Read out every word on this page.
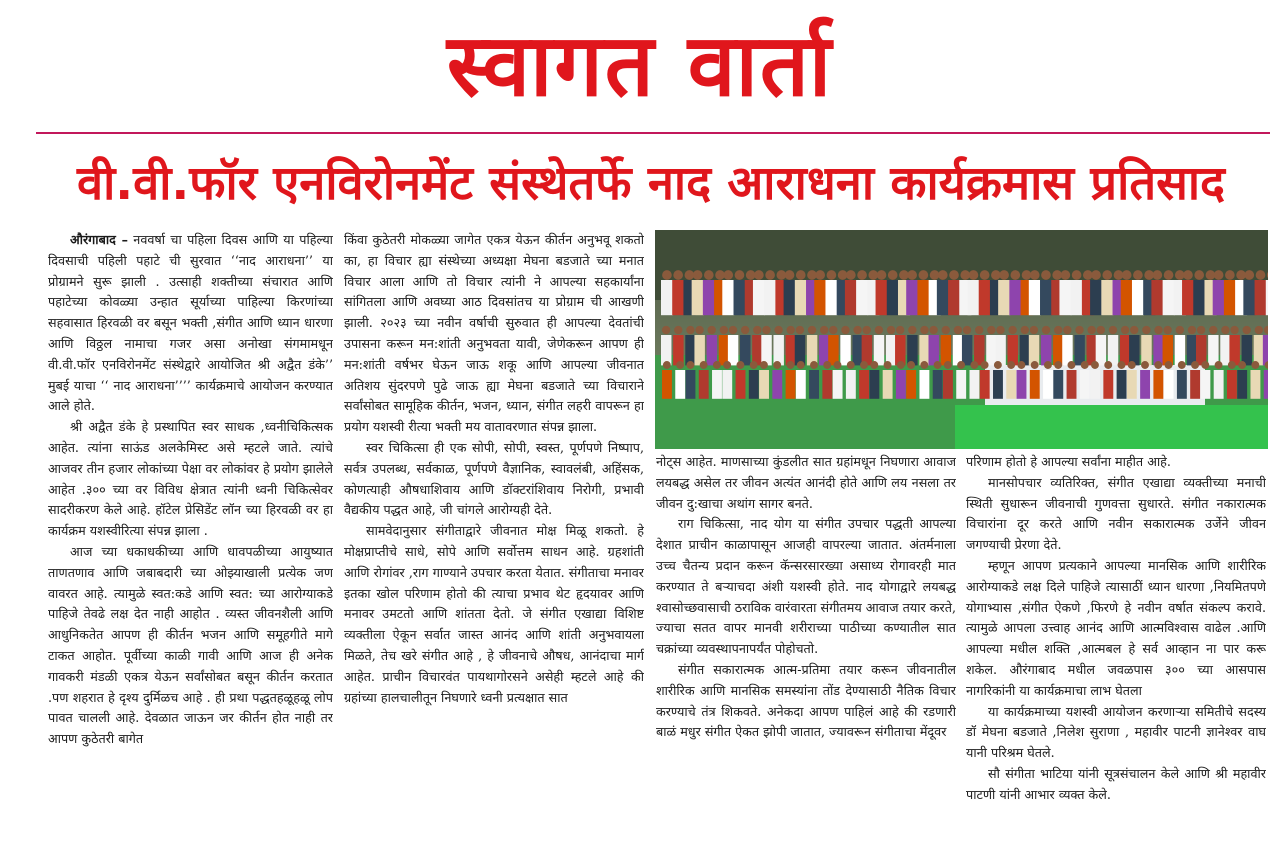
स्वागत वार्ता
वी.वी.फॉर एनविरोनमेंट संस्थेतर्फे नाद आराधना कार्यक्रमास प्रतिसाद

औरंगाबाद – नववर्षा चा पहिला दिवस आणि या पहिल्या दिवसाची पहिली पहाटे ची सुरवात ‘‘नाद आराधना’’ या प्रोग्रामने सुरू झाली . उत्साही शक्तीच्या संचारात आणि पहाटेच्या कोवळ्या उन्हात सूर्याच्या पाहिल्या किरणांच्या सहवासात हिरवळी वर बसून भक्ती ,संगीत आणि ध्यान धारणा आणि विठ्ठल नामाचा गजर असा अनोखा संगमामधून वी.वी.फॉर एनविरोनमेंट संस्थेद्वारे आयोजित श्री अद्वैत डंके’’ मुबई याचा ‘‘ नाद आराधना’’’’ कार्यक्रमाचे आयोजन करण्यात आले होते.

श्री अद्वैत डंके हे प्रस्थापित स्वर साधक ,ध्वनीचिकित्सक आहेत. त्यांना साऊंड अलकेमिस्ट असे म्हटले जाते. त्यांचे आजवर तीन हजार लोकांच्या पेक्षा वर लोकांवर हे प्रयोग झालेले आहेत .३०० च्या वर विविध क्षेत्रात त्यांनी ध्वनी चिकित्सेवर सादरीकरण केले आहे. हॉटेल प्रेसिडेंट लॉन च्या हिरवळी वर हा कार्यक्रम यशस्वीरित्या संपन्न झाला .

आज च्या धकाधकीच्या आणि धावपळीच्या आयुष्यात ताणतणाव आणि जबाबदारी च्या ओझ्याखाली प्रत्येक जण वावरत आहे. त्यामुळे स्वत:कडे आणि स्वत: च्या आरोग्याकडे पाहिजे तेवढे लक्ष देत नाही आहोत . व्यस्त जीवनशैली आणि आधुनिकतेत आपण ही कीर्तन भजन आणि समूहगीते मागे टाकत आहोत. पूर्वीच्या काळी गावी आणि आज ही अनेक गावकरी मंडळी एकत्र येऊन सर्वांसोबत बसून कीर्तन करतात .पण शहरात हे दृश्य दुर्मिळच आहे . ही प्रथा पद्धतहळूहळू लोप पावत चालली आहे. देवळात जाऊन जर कीर्तन होत नाही तर आपण कुठेतरी बागेत

किंवा कुठेतरी मोकळ्या जागेत एकत्र येऊन कीर्तन अनुभवू शकतो का, हा विचार ह्या संस्थेच्या अध्यक्षा मेघना बडजाते च्या मनात विचार आला आणि तो विचार त्यांनी ने आपल्या सहकार्यांना सांगितला आणि अवघ्या आठ दिवसांतच या प्रोग्राम ची आखणी झाली. २०२३ च्या नवीन वर्षाची सुरुवात ही आपल्या देवतांची उपासना करून मन:शांती अनुभवता यावी, जेणेकरून आपण ही मन:शांती वर्षभर घेऊन जाऊ शकू आणि आपल्या जीवनात अतिशय सुंदरपणे पुढे जाऊ ह्या मेघना बडजाते च्या विचाराने सर्वांसोबत सामूहिक कीर्तन, भजन, ध्यान, संगीत लहरी वापरून हा प्रयोग यशस्वी रीत्या भक्ती मय वातावरणात संपन्न झाला.

स्वर चिकित्सा ही एक सोपी, सोपी, स्वस्त, पूर्णपणे निष्पाप, सर्वत्र उपलब्ध, सर्वकाळ, पूर्णपणे वैज्ञानिक, स्वावलंबी, अहिंसक, कोणत्याही औषधाशिवाय आणि डॉक्टरांशिवाय निरोगी, प्रभावी वैद्यकीय पद्धत आहे, जी चांगले आरोग्यही देते.

सामवेदानुसार संगीताद्वारे जीवनात मोक्ष मिळू शकतो. हे मोक्षप्राप्तीचे साधे, सोपे आणि सर्वोत्तम साधन आहे. ग्रहशांती आणि रोगांवर ,राग गाण्याने उपचार करता येतात. संगीताचा मनावर इतका खोल परिणाम होतो की त्याचा प्रभाव थेट हृदयावर आणि मनावर उमटतो आणि शांतता देतो. जे संगीत एखाद्या विशिष्ट व्यक्तीला ऐकून सर्वात जास्त आनंद आणि शांती अनुभवायला मिळते, तेच खरे संगीत आहे , हे जीवनाचे औषध, आनंदाचा मार्ग आहेत. प्राचीन विचारवंत पायथागोरसने असेही म्हटले आहे की ग्रहांच्या हालचालीतून निघणारे ध्वनी प्रत्यक्षात सात

नोट्स आहेत. माणसाच्या कुंडलीत सात ग्रहांमधून निघणारा आवाज लयबद्ध असेल तर जीवन अत्यंत आनंदी होते आणि लय नसला तर जीवन दु:खाचा अथांग सागर बनते.

राग चिकित्सा, नाद योग या संगीत उपचार पद्धती आपल्या देशात प्राचीन काळापासून आजही वापरल्या जातात. अंतर्मनाला उच्च चैतन्य प्रदान करून कॅन्सरसारख्या असाध्य रोगावरही मात करण्यात ते बर्‍याचदा अंशी यशस्वी होते. नाद योगाद्वारे लयबद्ध श्वासोच्छवासाची ठराविक वारंवारता संगीतमय आवाज तयार करते, ज्याचा सतत वापर मानवी शरीराच्या पाठीच्या कण्यातील सात चक्रांच्या व्यवस्थापनापर्यंत पोहोचतो.

संगीत सकारात्मक आत्म-प्रतिमा तयार करून जीवनातील शारीरिक आणि मानसिक समस्यांना तोंड देण्यासाठी नैतिक विचार करण्याचे तंत्र शिकवते. अनेकदा आपण पाहिलं आहे की रडणारी बाळं मधुर संगीत ऐकत झोपी जातात, ज्यावरून संगीताचा मेंदूवर

परिणाम होतो हे आपल्या सर्वांना माहीत आहे.

मानसोपचार व्यतिरिक्त, संगीत एखाद्या व्यक्तीच्या मनाची स्थिती सुधारून जीवनाची गुणवत्ता सुधारते. संगीत नकारात्मक विचारांना दूर करते आणि नवीन सकारात्मक उर्जेने जीवन जगण्याची प्रेरणा देते.

म्हणून आपण प्रत्यकाने आपल्या मानसिक आणि शारीरिक आरोग्याकडे लक्ष दिले पाहिजे त्यासाठीं ध्यान धारणा ,नियमितपणे योगाभ्यास ,संगीत ऐकणे ,फिरणे हे नवीन वर्षात संकल्प करावे. त्यामुळे आपला उत्त्वाह आनंद आणि आत्मविश्वास वाढेल .आणि आपल्या मधील शक्ति ,आत्मबल हे सर्व आव्हान ना पार करू शकेल. औरंगाबाद मधील जवळपास ३०० च्या आसपास नागरिकांनी या कार्यक्रमाचा लाभ घेतला

या कार्यक्रमाच्या यशस्वी आयोजन करणाऱ्या समितीचे सदस्य डॉ मेघना बडजाते ,निलेश सुराणा , महावीर पाटनी ज्ञानेश्वर वाघ यानी परिश्रम घेतले.

सौ संगीता भाटिया यांनी सूत्रसंचालन केले आणि श्री महावीर पाटणी यांनी आभार व्यक्त केले.
